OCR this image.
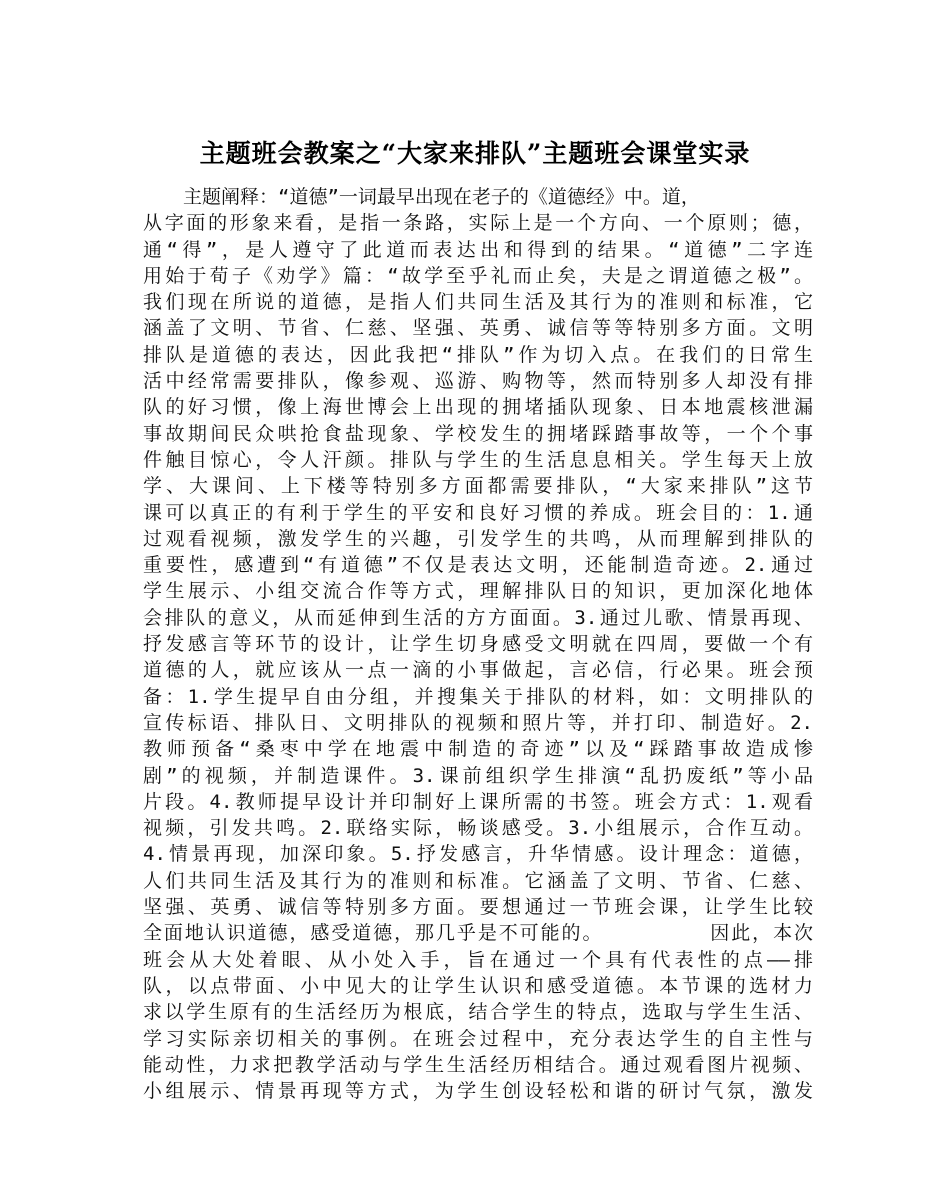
主题班会教案之“大家来排队”主题班会课堂实录
主题阐释：“道德”一词最早出现在老子的《道德经》中。道，
从字面的形象来看，是指一条路，实际上是一个方向、一个原则；德，
通“得”，是人遵守了此道而表达出和得到的结果。“道德”二字连
用始于荀子《劝学》篇：“故学至乎礼而止矣，夫是之谓道德之极”。
我们现在所说的道德，是指人们共同生活及其行为的准则和标准，它
涵盖了文明、节省、仁慈、坚强、英勇、诚信等等特别多方面。文明
排队是道德的表达，因此我把“排队”作为切入点。在我们的日常生
活中经常需要排队，像参观、巡游、购物等，然而特别多人却没有排
队的好习惯，像上海世博会上出现的拥堵插队现象、日本地震核泄漏
事故期间民众哄抢食盐现象、学校发生的拥堵踩踏事故等，一个个事
件触目惊心，令人汗颜。排队与学生的生活息息相关。学生每天上放
学、大课间、上下楼等特别多方面都需要排队，“大家来排队”这节
课可以真正的有利于学生的平安和良好习惯的养成。班会目的：1.通
过观看视频，激发学生的兴趣，引发学生的共鸣，从而理解到排队的
重要性，感遭到“有道德”不仅是表达文明，还能制造奇迹。2.通过
学生展示、小组交流合作等方式，理解排队日的知识，更加深化地体
会排队的意义，从而延伸到生活的方方面面。3.通过儿歌、情景再现、
抒发感言等环节的设计，让学生切身感受文明就在四周，要做一个有
道德的人，就应该从一点一滴的小事做起，言必信，行必果。班会预
备：1.学生提早自由分组，并搜集关于排队的材料，如：文明排队的
宣传标语、排队日、文明排队的视频和照片等，并打印、制造好。2.
教师预备“桑枣中学在地震中制造的奇迹”以及“踩踏事故造成惨
剧”的视频，并制造课件。3.课前组织学生排演“乱扔废纸”等小品
片段。4.教师提早设计并印制好上课所需的书签。班会方式：1.观看
视频，引发共鸣。2.联络实际，畅谈感受。3.小组展示，合作互动。
4.情景再现，加深印象。5.抒发感言，升华情感。设计理念：道德，
人们共同生活及其行为的准则和标准。它涵盖了文明、节省、仁慈、
坚强、英勇、诚信等特别多方面。要想通过一节班会课，让学生比较
全面地认识道德，感受道德，那几乎是不可能的。        因此，本次
班会从大处着眼、从小处入手，旨在通过一个具有代表性的点——排
队，以点带面、小中见大的让学生认识和感受道德。本节课的选材力
求以学生原有的生活经历为根底，结合学生的特点，选取与学生生活、
学习实际亲切相关的事例。在班会过程中，充分表达学生的自主性与
能动性，力求把教学活动与学生生活经历相结合。通过观看图片视频、
小组展示、情景再现等方式，为学生创设轻松和谐的研讨气氛，激发
